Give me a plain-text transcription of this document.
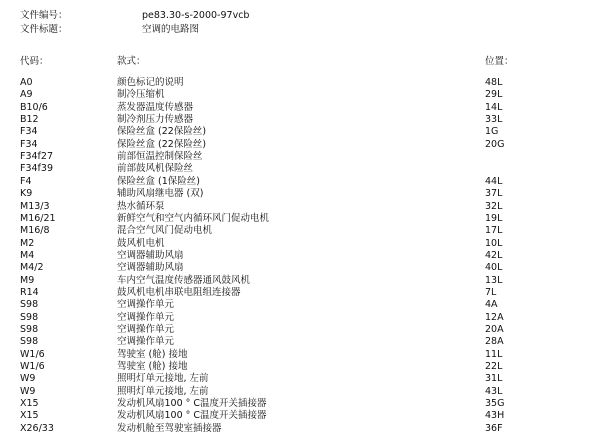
文件编号：	pe83.30-s-2000-97vcb
文件标题：	空调的电路图
代码：	款式：	位置：
A0	颜色标记的说明	48L
A9	制冷压缩机	29L
B10/6	蒸发器温度传感器	14L
B12	制冷剂压力传感器	33L
F34	保险丝盒 (22保险丝)	1G
F34	保险丝盒 (22保险丝)	20G
F34f27	前部恒温控制保险丝
F34f39	前部鼓风机保险丝
F4	保险丝盒 (1保险丝)	44L
K9	辅助风扇继电器 (双)	37L
M13/3	热水循环泵	32L
M16/21	新鲜空气和空气内循环风门促动电机	19L
M16/8	混合空气风门促动电机	17L
M2	鼓风机电机	10L
M4	空调器辅助风扇	42L
M4/2	空调器辅助风扇	40L
M9	车内空气温度传感器通风鼓风机	13L
R14	鼓风机电机串联电阻组连接器	7L
S98	空调操作单元	4A
S98	空调操作单元	12A
S98	空调操作单元	20A
S98	空调操作单元	28A
W1/6	驾驶室 (舱) 接地	11L
W1/6	驾驶室 (舱) 接地	22L
W9	照明灯单元接地, 左前	31L
W9	照明灯单元接地, 左前	43L
X15	发动机风扇100 ° C温度开关插接器	35G
X15	发动机风扇100 ° C温度开关插接器	43H
X26/33	发动机舱至驾驶室插接器	36F
